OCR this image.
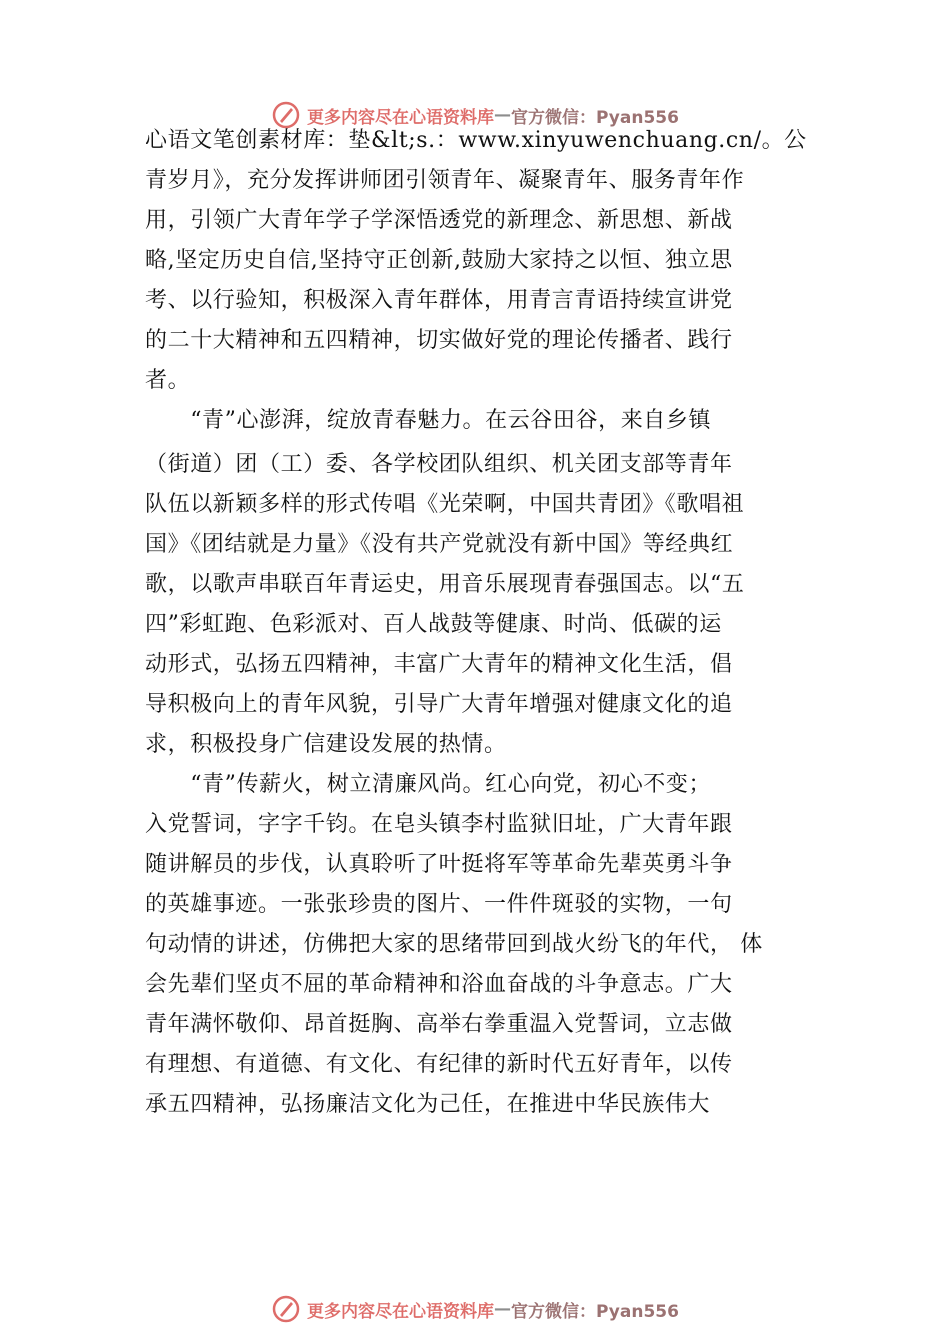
更多内容尽在心语资料库 — 官方微信：Pyan556
心语文笔创素材库：垫&lt;s.：www.xinyuwenchuang.cn/。公
青岁月》，充分发挥讲师团引领青年、凝聚青年、服务青年作
用，引领广大青年学子学深悟透党的新理念、新思想、新战
略,坚定历史自信,坚持守正创新,鼓励大家持之以恒、独立思
考、以行验知，积极深入青年群体，用青言青语持续宣讲党
的二十大精神和五四精神，切实做好党的理论传播者、践行
者。
　　“青”心澎湃，绽放青春魅力。在云谷田⾕，来自乡镇
（街道）团（工）委、各学校团队组织、机关团支部等青年
队伍以新颖多样的形式传唱《光荣啊，中国共青团》《歌唱祖
国》《团结就是力量》《没有共产党就没有新中国》等经典红
歌，以歌声串联百年青运史，用音乐展现青春强国志。以“五
四”彩虹跑、色彩派对、百人战鼓等健康、时尚、低碳的运
动形式，弘扬五四精神，丰富广大青年的精神文化生活，倡
导积极向上的青年风貌，引导广大青年增强对健康文化的追
求，积极投身广信建设发展的热情。
　　“青”传薪火，树立清廉风尚。红心向党，初心不变；
入党誓词，字字千钧。在皂头镇李村监狱旧址，广大青年跟
随讲解员的步伐，认真聆听了叶挺将军等革命先辈英勇斗争
的英雄事迹。一张张珍贵的图片、一件件斑驳的实物，一句
句动情的讲述，仿佛把大家的思绪带回到战火纷飞的年代， 体
会先辈们坚贞不屈的革命精神和浴血奋战的斗争意志。广大
青年满怀敬仰、昂首挺胸、高举右拳重温入党誓词，立志做
有理想、有道德、有文化、有纪律的新时代五好青年，以传
承五四精神，弘扬廉洁文化为己任，在推进中华民族伟大
更多内容尽在心语资料库 — 官方微信：Pyan556
